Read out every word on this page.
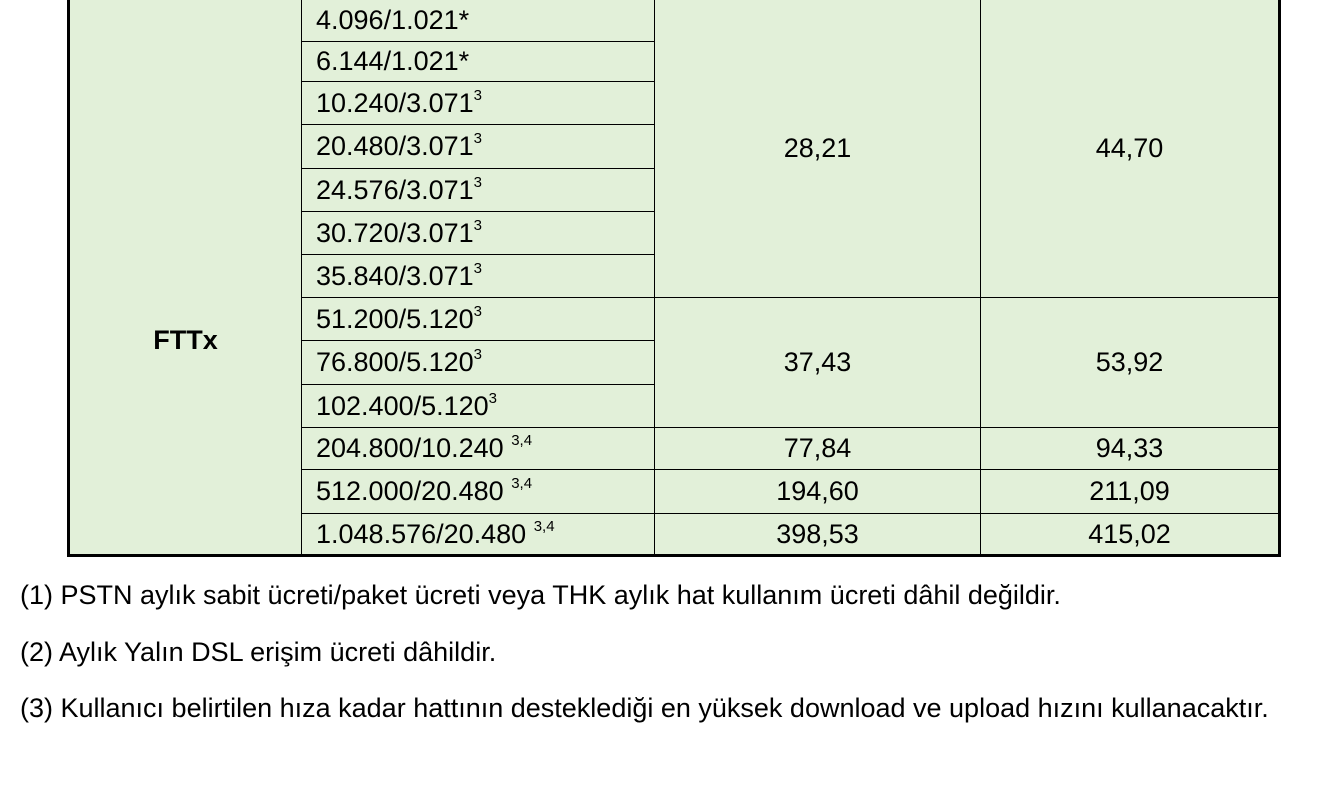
FTTx	4.096/1.021*	28,21	44,70
	6.144/1.021*		
	10.240/3.071$^3$
	20.480/3.071$^3$
	24.576/3.071$^3$
	30.720/3.071$^3$
	35.840/3.071$^3$
	51.200/5.120$^3$	37,43	53,92
	76.800/5.120$^3$
	102.400/5.120$^3$
	204.800/10.240 $^{3,4}$	77,84	94,33
	512.000/20.480 $^{3,4}$	194,60	211,09
	1.048.576/20.480 $^{3,4}$	398,53	415,02

(1) PSTN aylık sabit ücreti/paket ücreti veya THK aylık hat kullanım ücreti dâhil değildir.

(2) Aylık Yalın DSL erişim ücreti dâhildir.

(3) Kullanıcı belirtilen hıza kadar hattının desteklediği en yüksek download ve upload hızını kullanacaktır.
